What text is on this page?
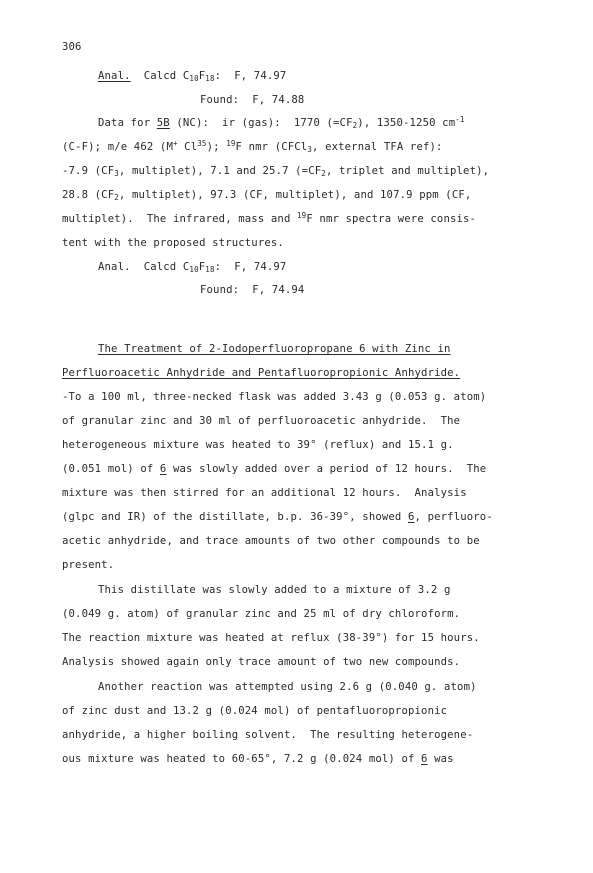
306
Anal.  Calcd $C_{10}F_{18}$:  F, 74.97
Found:  F, 74.88
Data for 5B (NC):  ir (gas):  1770 $(=CF_2)$, 1350-1250 $cm^{-1}$
(C-F); m/e 462 (M+ Cl$^{35}$); $^{19}$F nmr (CFCl$_3$, external TFA ref):
-7.9 ($CF_3$, multiplet), 7.1 and 25.7 ($=CF_2$, triplet and multiplet),
28.8 ($CF_2$, multiplet), 97.3 (CF, multiplet), and 107.9 ppm (CF,
multiplet).  The infrared, mass and $^{19}$F nmr spectra were consis-
tent with the proposed structures.
Anal.  Calcd $C_{10}F_{18}$:  F, 74.97
Found:  F, 74.94
The Treatment of 2-Iodoperfluoropropane 6 with Zinc in
Perfluoroacetic Anhydride and Pentafluoropropionic Anhydride.
-To a 100 ml, three-necked flask was added 3.43 g (0.053 g. atom)
of granular zinc and 30 ml of perfluoroacetic anhydride.  The
heterogeneous mixture was heated to 39° (reflux) and 15.1 g.
(0.051 mol) of 6 was slowly added over a period of 12 hours.  The
mixture was then stirred for an additional 12 hours.  Analysis
(glpc and IR) of the distillate, b.p. 36-39°, showed 6, perfluoro-
acetic anhydride, and trace amounts of two other compounds to be
present.
This distillate was slowly added to a mixture of 3.2 g
(0.049 g. atom) of granular zinc and 25 ml of dry chloroform.
The reaction mixture was heated at reflux (38-39°) for 15 hours.
Analysis showed again only trace amount of two new compounds.
Another reaction was attempted using 2.6 g (0.040 g. atom)
of zinc dust and 13.2 g (0.024 mol) of pentafluoropropionic
anhydride, a higher boiling solvent.  The resulting heterogene-
ous mixture was heated to 60-65°, 7.2 g (0.024 mol) of 6 was
